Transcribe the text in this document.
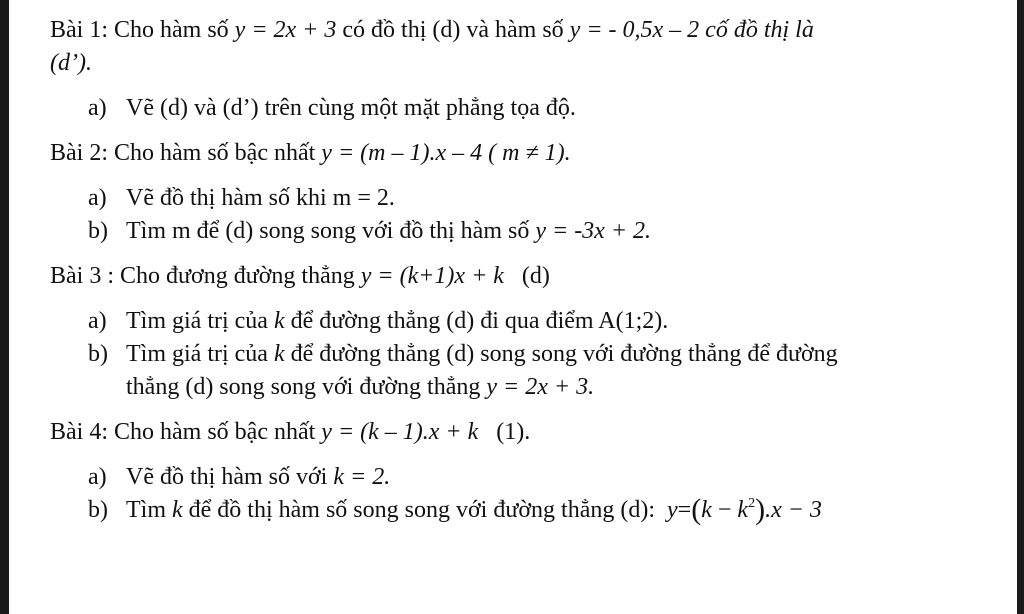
Bài 1: Cho hàm số y = 2x + 3 có đồ thị (d) và hàm số y = - 0,5x – 2 cố đồ thị là
(d’).
a) Vẽ (d) và (d’) trên cùng một mặt phẳng tọa độ.
Bài 2: Cho hàm số bậc nhất y = (m – 1).x – 4 ( m ≠ 1).
a) Vẽ đồ thị hàm số khi m = 2.
b) Tìm m để (d) song song với đồ thị hàm số y = -3x + 2.
Bài 3 : Cho đương đường thẳng y = (k+1)x + k (d)
a) Tìm giá trị của k để đường thẳng (d) đi qua điểm A(1;2).
b) Tìm giá trị của k để đường thẳng (d) song song với đường thẳng để đường
thẳng (d) song song với đường thẳng y = 2x + 3.
Bài 4: Cho hàm số bậc nhất y = (k – 1).x + k (1).
a) Vẽ đồ thị hàm số với k = 2.
b) Tìm k để đồ thị hàm số song song với đường thẳng (d): $y=(k - k^2).x - 3$
